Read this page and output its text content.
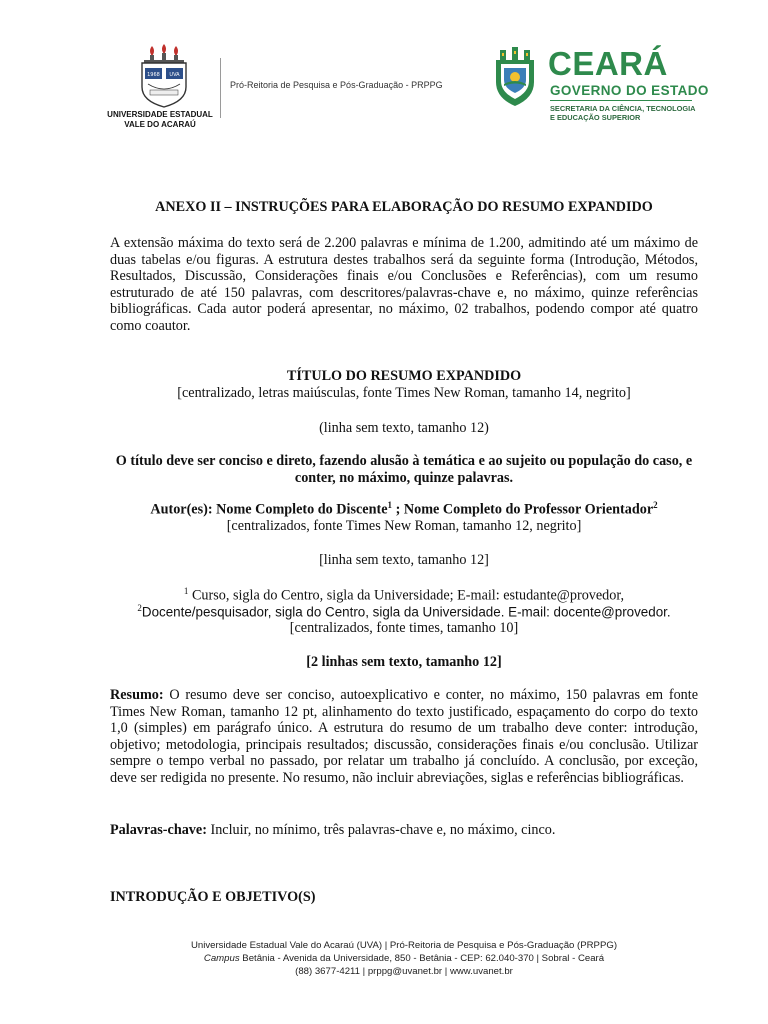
1968 UVA
UNIVERSIDADE ESTADUAL
VALE DO ACARAÚ
Pró-Reitoria de Pesquisa e Pós-Graduação - PRPPG
CEARÁ
GOVERNO DO ESTADO
SECRETARIA DA CIÊNCIA, TECNOLOGIA
E EDUCAÇÃO SUPERIOR
ANEXO II – INSTRUÇÕES PARA ELABORAÇÃO DO RESUMO EXPANDIDO
A extensão máxima do texto será de 2.200 palavras e mínima de 1.200, admitindo até um máximo de duas tabelas e/ou figuras. A estrutura destes trabalhos será da seguinte forma (Introdução, Métodos, Resultados, Discussão, Considerações finais e/ou Conclusões e Referências), com um resumo estruturado de até 150 palavras, com descritores/palavras-chave e, no máximo, quinze referências bibliográficas. Cada autor poderá apresentar, no máximo, 02 trabalhos, podendo compor até quatro como coautor.
TÍTULO DO RESUMO EXPANDIDO
[centralizado, letras maiúsculas, fonte Times New Roman, tamanho 14, negrito]
(linha sem texto, tamanho 12)
O título deve ser conciso e direto, fazendo alusão à temática e ao sujeito ou população do caso, e conter, no máximo, quinze palavras.
Autor(es): Nome Completo do Discente$^1$ ; Nome Completo do Professor Orientador$^2$
[centralizados, fonte Times New Roman, tamanho 12, negrito]
[linha sem texto, tamanho 12]
$^1$ Curso, sigla do Centro, sigla da Universidade; E-mail: estudante@provedor,
$^2$Docente/pesquisador, sigla do Centro, sigla da Universidade. E-mail: docente@provedor.
[centralizados, fonte times, tamanho 10]
[2 linhas sem texto, tamanho 12]
Resumo: O resumo deve ser conciso, autoexplicativo e conter, no máximo, 150 palavras em fonte Times New Roman, tamanho 12 pt, alinhamento do texto justificado, espaçamento do corpo do texto 1,0 (simples) em parágrafo único. A estrutura do resumo de um trabalho deve conter: introdução, objetivo; metodologia, principais resultados; discussão, considerações finais e/ou conclusão. Utilizar sempre o tempo verbal no passado, por relatar um trabalho já concluído. A conclusão, por exceção, deve ser redigida no presente. No resumo, não incluir abreviações, siglas e referências bibliográficas.
Palavras-chave: Incluir, no mínimo, três palavras-chave e, no máximo, cinco.
INTRODUÇÃO E OBJETIVO(S)
Universidade Estadual Vale do Acaraú (UVA) | Pró-Reitoria de Pesquisa e Pós-Graduação (PRPPG)
Campus Betânia - Avenida da Universidade, 850 - Betânia - CEP: 62.040-370 | Sobral - Ceará
(88) 3677-4211 | prppg@uvanet.br | www.uvanet.br
